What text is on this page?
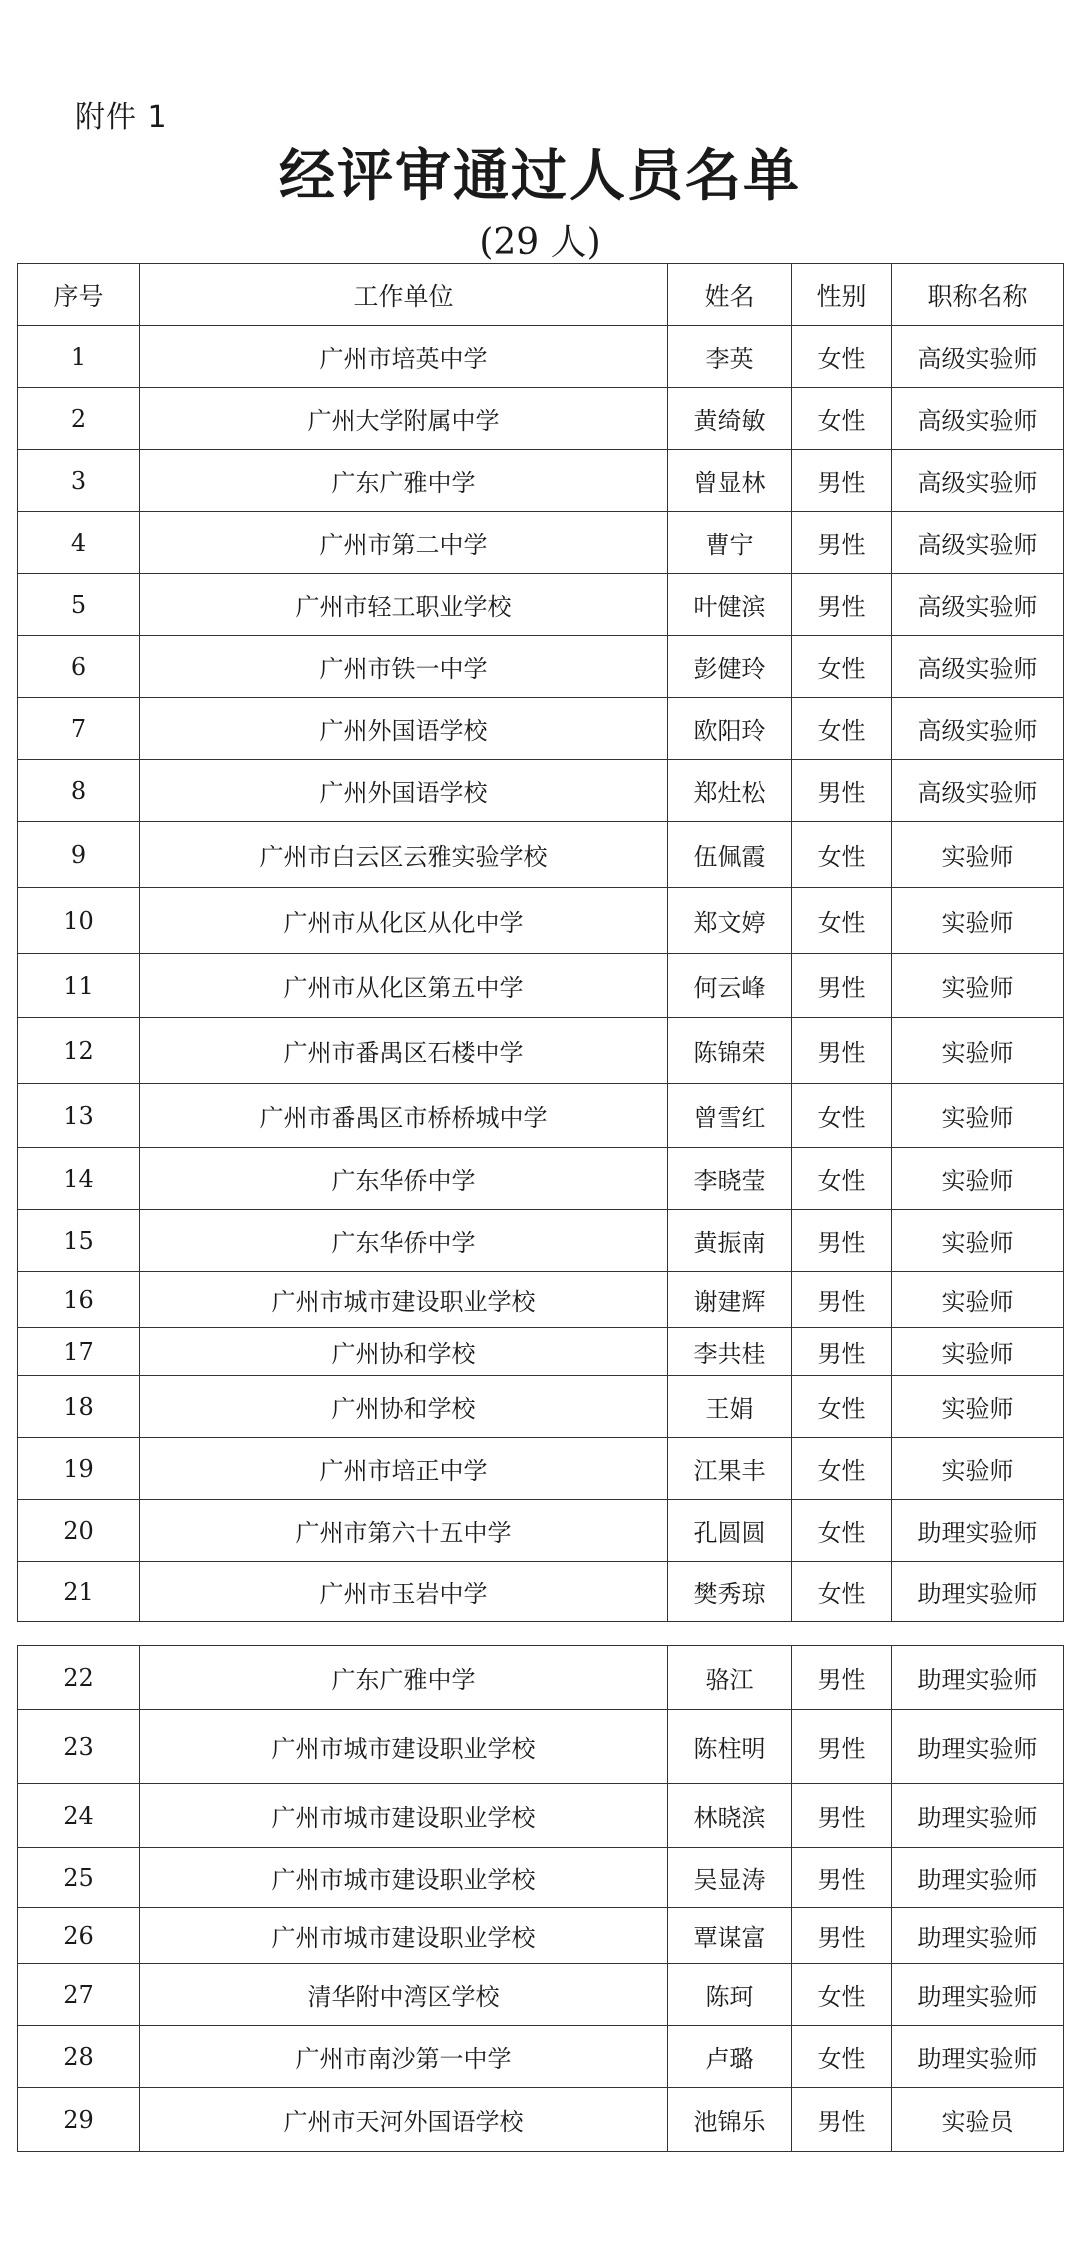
附件 1
经评审通过人员名单
(29 人)
序号	工作单位	姓名	性别	职称名称
1	广州市培英中学	李英	女性	高级实验师
2	广州大学附属中学	黄绮敏	女性	高级实验师
3	广东广雅中学	曾显林	男性	高级实验师
4	广州市第二中学	曹宁	男性	高级实验师
5	广州市轻工职业学校	叶健滨	男性	高级实验师
6	广州市铁一中学	彭健玲	女性	高级实验师
7	广州外国语学校	欧阳玲	女性	高级实验师
8	广州外国语学校	郑灶松	男性	高级实验师
9	广州市白云区云雅实验学校	伍佩霞	女性	实验师
10	广州市从化区从化中学	郑文婷	女性	实验师
11	广州市从化区第五中学	何云峰	男性	实验师
12	广州市番禺区石楼中学	陈锦荣	男性	实验师
13	广州市番禺区市桥桥城中学	曾雪红	女性	实验师
14	广东华侨中学	李晓莹	女性	实验师
15	广东华侨中学	黄振南	男性	实验师
16	广州市城市建设职业学校	谢建辉	男性	实验师
17	广州协和学校	李共桂	男性	实验师
18	广州协和学校	王娟	女性	实验师
19	广州市培正中学	江果丰	女性	实验师
20	广州市第六十五中学	孔圆圆	女性	助理实验师
21	广州市玉岩中学	樊秀琼	女性	助理实验师
22	广东广雅中学	骆江	男性	助理实验师
23	广州市城市建设职业学校	陈柱明	男性	助理实验师
24	广州市城市建设职业学校	林晓滨	男性	助理实验师
25	广州市城市建设职业学校	吴显涛	男性	助理实验师
26	广州市城市建设职业学校	覃谋富	男性	助理实验师
27	清华附中湾区学校	陈珂	女性	助理实验师
28	广州市南沙第一中学	卢璐	女性	助理实验师
29	广州市天河外国语学校	池锦乐	男性	实验员
